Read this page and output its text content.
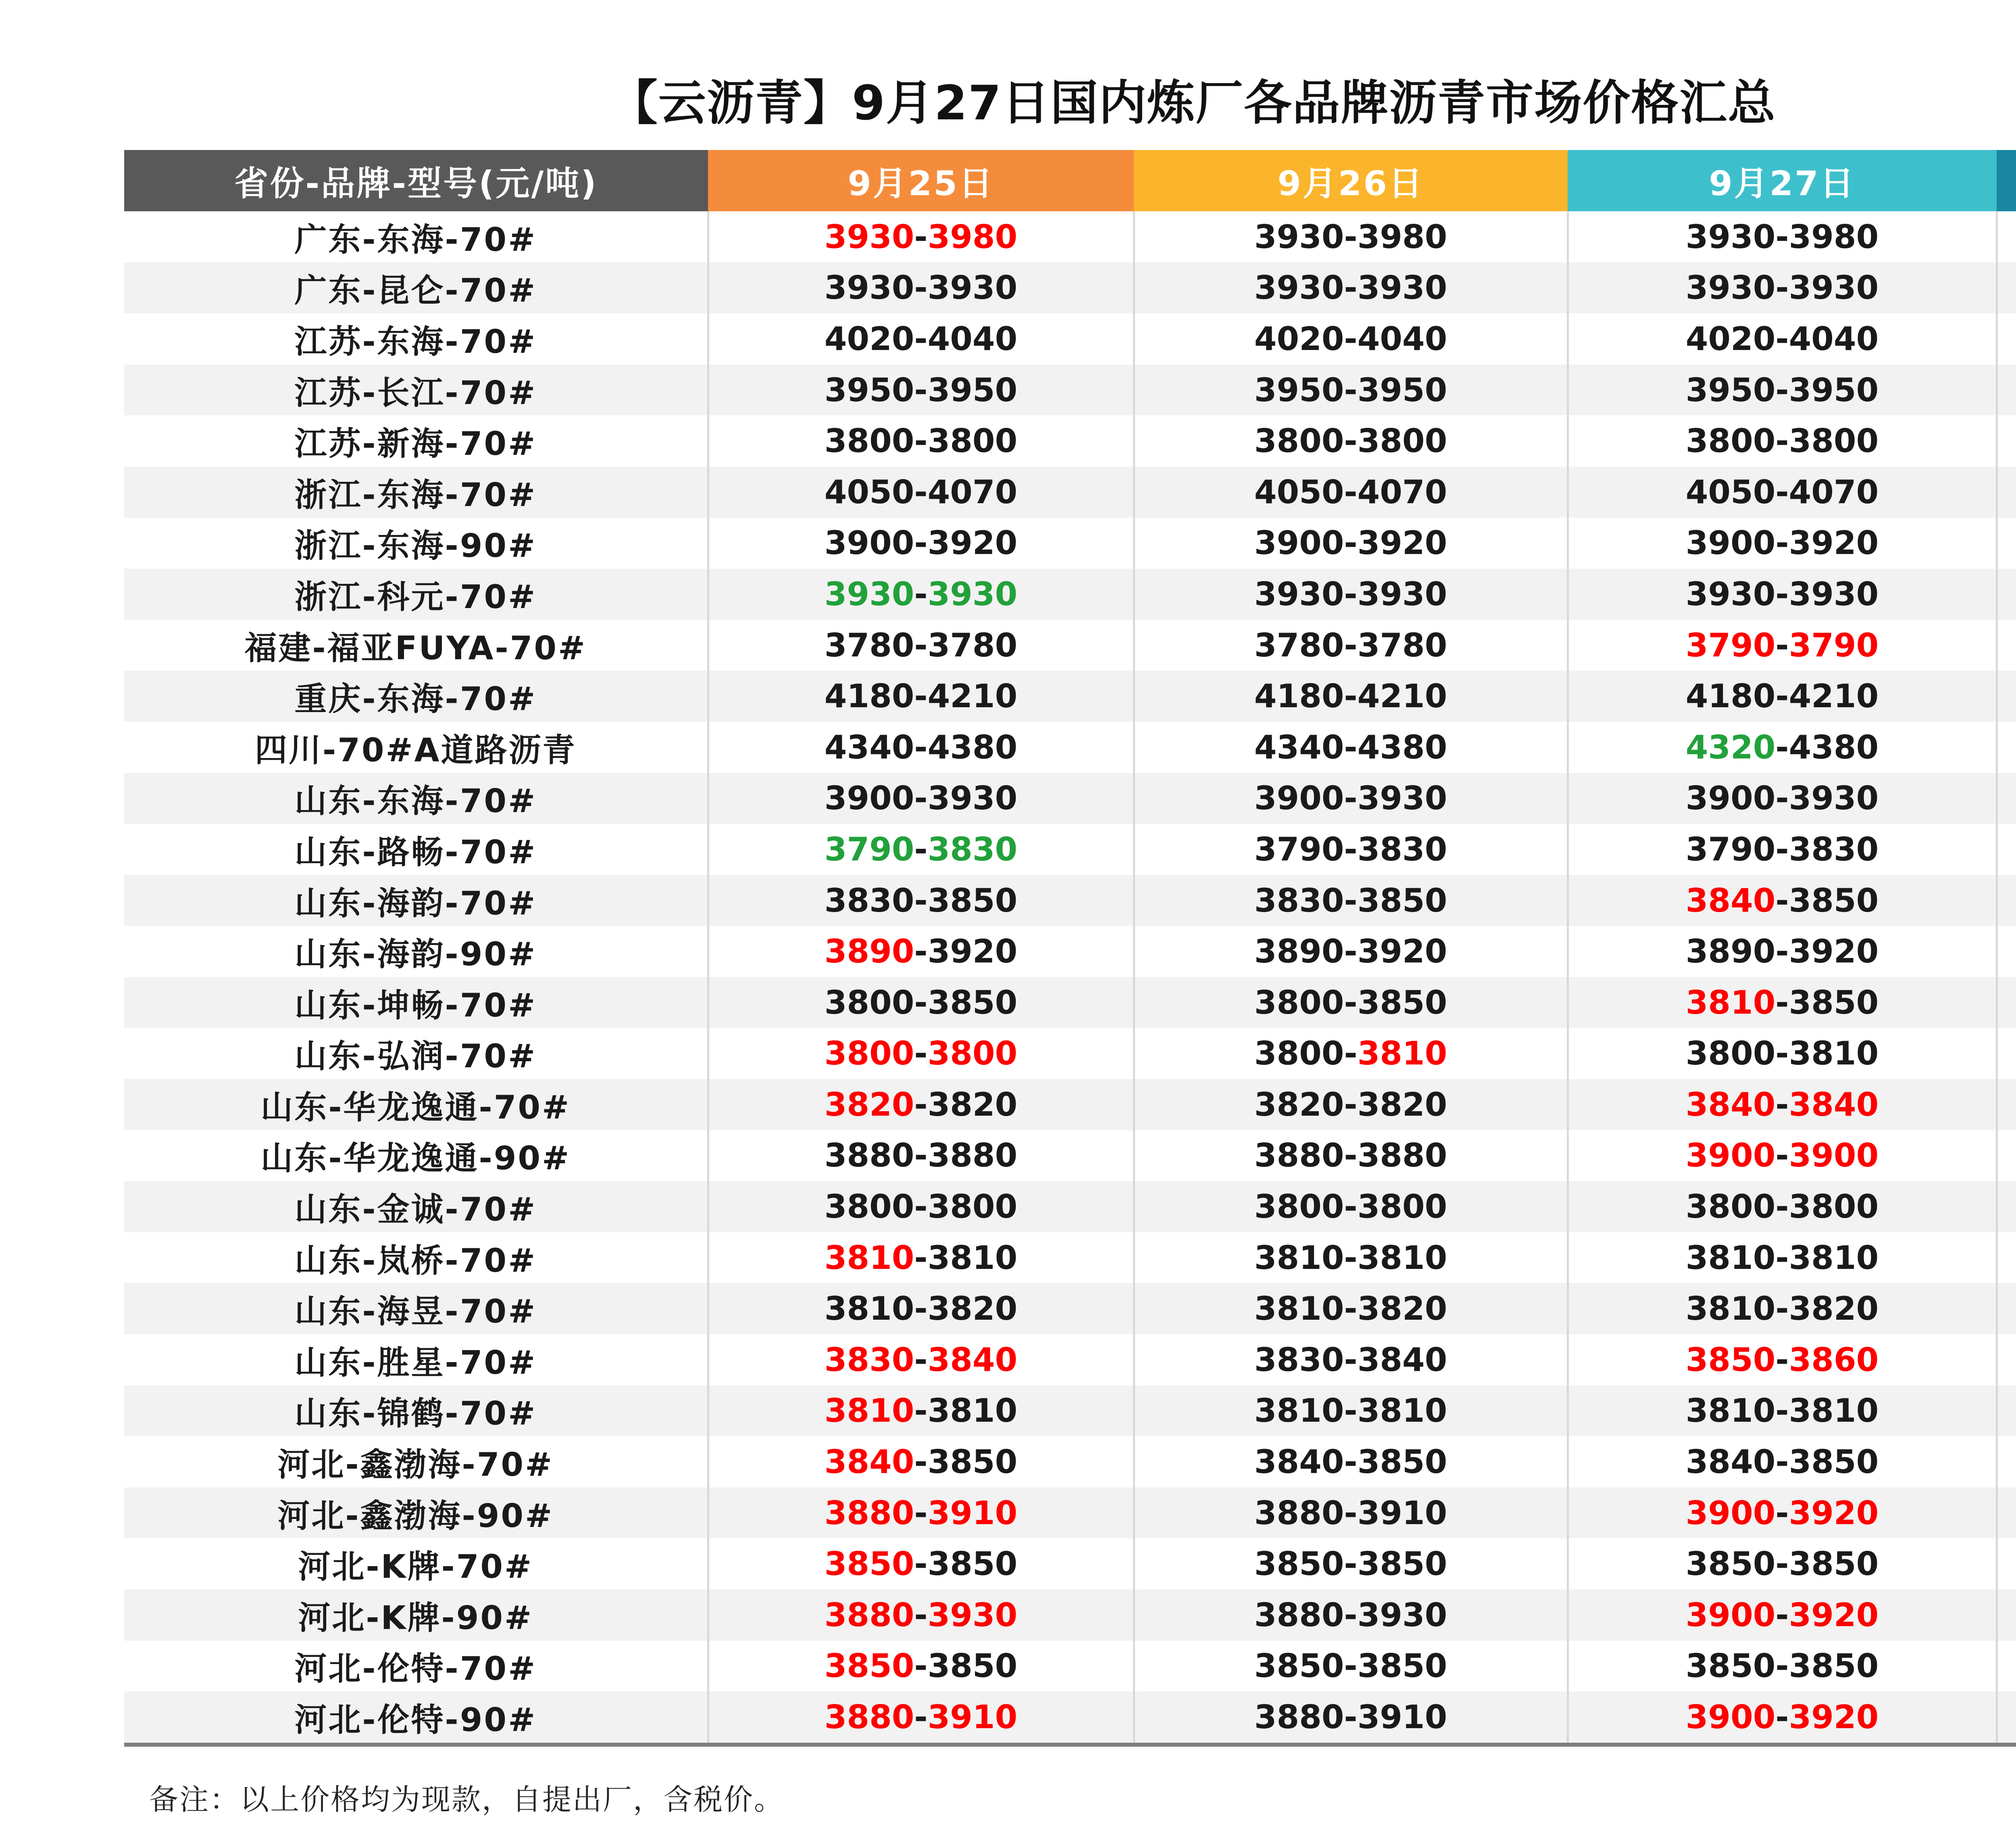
【云沥青】9月27日国内炼厂各品牌沥青市场价格汇总
省份-品牌-型号(元/吨)	9月25日	9月26日	9月27日	
广东-东海-70#	3930-3980	3930-3980	3930-3980	
广东-昆仑-70#	3930-3930	3930-3930	3930-3930	
江苏-东海-70#	4020-4040	4020-4040	4020-4040	
江苏-长江-70#	3950-3950	3950-3950	3950-3950	
江苏-新海-70#	3800-3800	3800-3800	3800-3800	
浙江-东海-70#	4050-4070	4050-4070	4050-4070	
浙江-东海-90#	3900-3920	3900-3920	3900-3920	
浙江-科元-70#	3930-3930	3930-3930	3930-3930	
福建-福亚FUYA-70#	3780-3780	3780-3780	3790-3790	
重庆-东海-70#	4180-4210	4180-4210	4180-4210	
四川-70#A道路沥青	4340-4380	4340-4380	4320-4380	
山东-东海-70#	3900-3930	3900-3930	3900-3930	
山东-路畅-70#	3790-3830	3790-3830	3790-3830	
山东-海韵-70#	3830-3850	3830-3850	3840-3850	
山东-海韵-90#	3890-3920	3890-3920	3890-3920	
山东-坤畅-70#	3800-3850	3800-3850	3810-3850	
山东-弘润-70#	3800-3800	3800-3810	3800-3810	
山东-华龙逸通-70#	3820-3820	3820-3820	3840-3840	
山东-华龙逸通-90#	3880-3880	3880-3880	3900-3900	
山东-金诚-70#	3800-3800	3800-3800	3800-3800	
山东-岚桥-70#	3810-3810	3810-3810	3810-3810	
山东-海昱-70#	3810-3820	3810-3820	3810-3820	
山东-胜星-70#	3830-3840	3830-3840	3850-3860	
山东-锦鹤-70#	3810-3810	3810-3810	3810-3810	
河北-鑫渤海-70#	3840-3850	3840-3850	3840-3850	
河北-鑫渤海-90#	3880-3910	3880-3910	3900-3920	
河北-K牌-70#	3850-3850	3850-3850	3850-3850	
河北-K牌-90#	3880-3930	3880-3930	3900-3920	
河北-伦特-70#	3850-3850	3850-3850	3850-3850	
河北-伦特-90#	3880-3910	3880-3910	3900-3920	
备注：以上价格均为现款，自提出厂，含税价。
